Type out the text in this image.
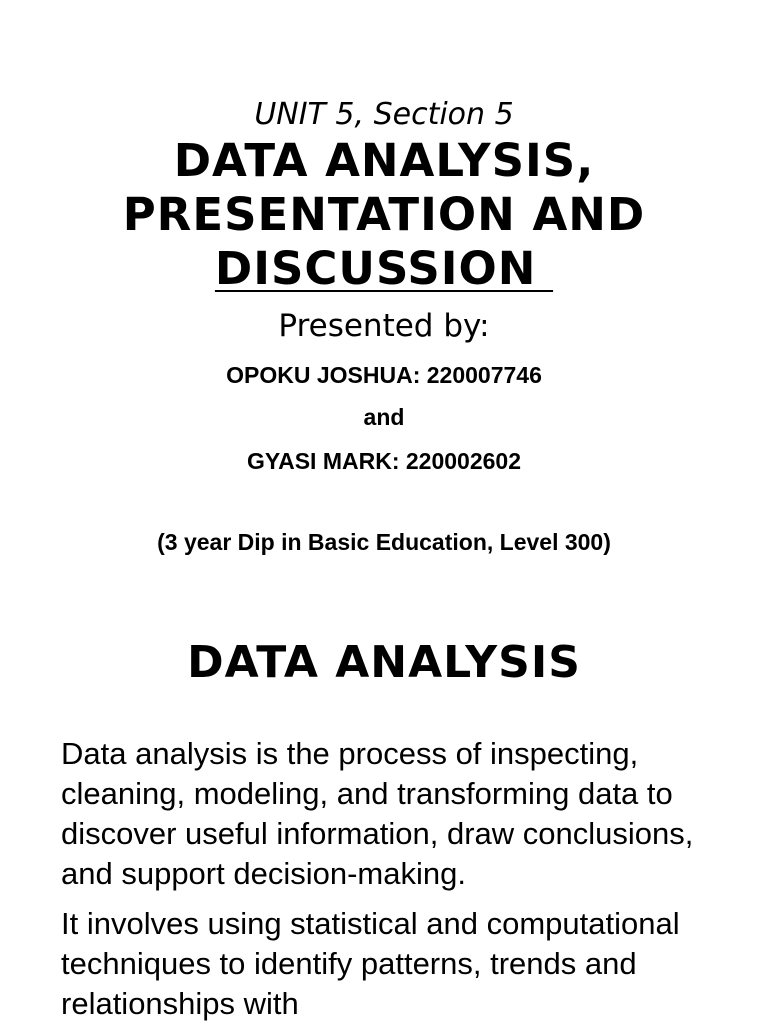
UNIT 5, Section 5
DATA ANALYSIS,
PRESENTATION AND
DISCUSSION
Presented by:
OPOKU JOSHUA: 220007746
and
GYASI MARK: 220002602
(3 year Dip in Basic Education, Level 300)
DATA ANALYSIS

Data analysis is the process of inspecting, cleaning, modeling, and transforming data to discover useful information, draw conclusions, and support decision-making.

It involves using statistical and computational techniques to identify patterns, trends and relationships with
